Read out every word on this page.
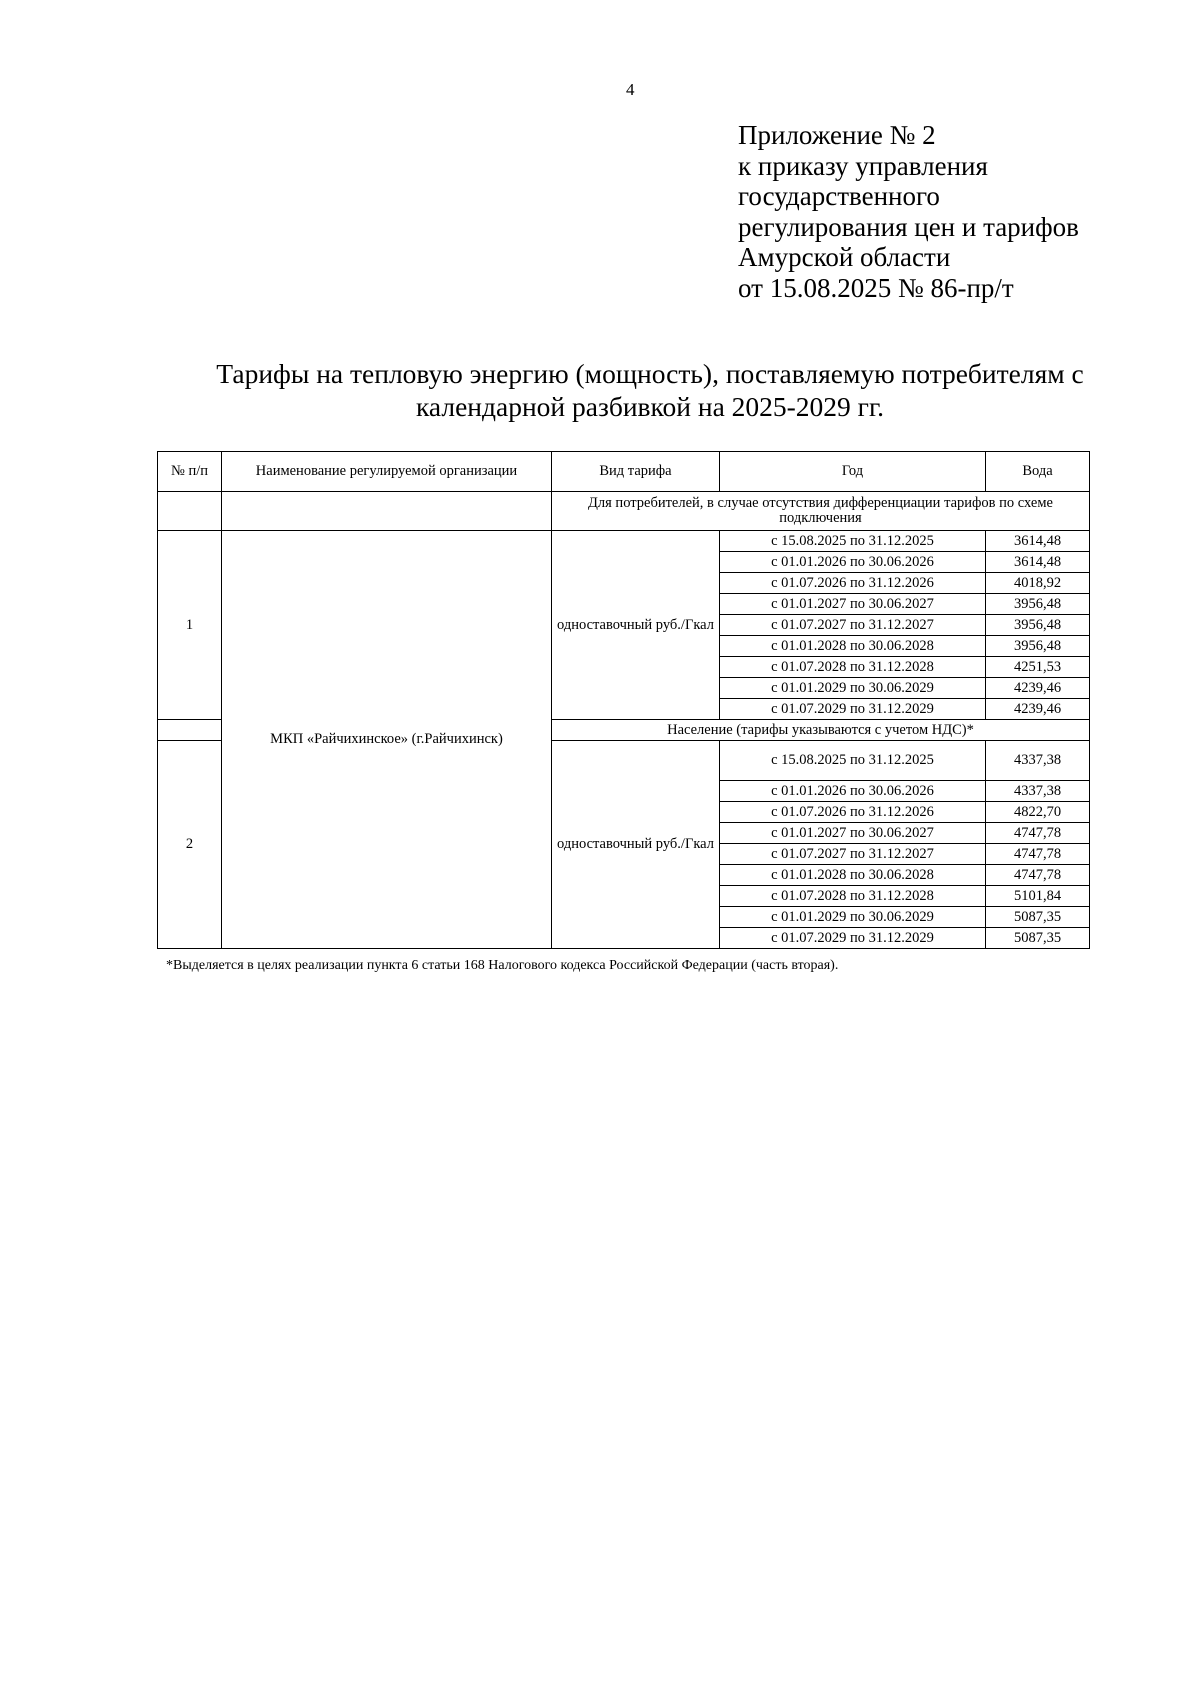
4
Приложение № 2
к приказу управления
государственного
регулирования цен и тарифов
Амурской области
от 15.08.2025 № 86-пр/т
Тарифы на тепловую энергию (мощность), поставляемую потребителям с
календарной разбивкой на 2025-2029 гг.
№ п/п	Наименование регулируемой организации	Вид тарифа	Год	Вода
		Для потребителей, в случае отсутствия дифференциации тарифов по схеме подключения		
1	МКП «Райчихинское» (г.Райчихинск)	одноставочный руб./Гкал	с 15.08.2025 по 31.12.2025	3614,48
			с 01.01.2026 по 30.06.2026	3614,48
			с 01.07.2026 по 31.12.2026	4018,92
			с 01.01.2027 по 30.06.2027	3956,48
			с 01.07.2027 по 31.12.2027	3956,48
			с 01.01.2028 по 30.06.2028	3956,48
			с 01.07.2028 по 31.12.2028	4251,53
			с 01.01.2029 по 30.06.2029	4239,46
			с 01.07.2029 по 31.12.2029	4239,46
		Население (тарифы указываются с учетом НДС)*		
2		одноставочный руб./Гкал	с 15.08.2025 по 31.12.2025	4337,38
			с 01.01.2026 по 30.06.2026	4337,38
			с 01.07.2026 по 31.12.2026	4822,70
			с 01.01.2027 по 30.06.2027	4747,78
			с 01.07.2027 по 31.12.2027	4747,78
			с 01.01.2028 по 30.06.2028	4747,78
			с 01.07.2028 по 31.12.2028	5101,84
			с 01.01.2029 по 30.06.2029	5087,35
			с 01.07.2029 по 31.12.2029	5087,35
*Выделяется в целях реализации пункта 6 статьи 168 Налогового кодекса Российской Федерации (часть вторая).
